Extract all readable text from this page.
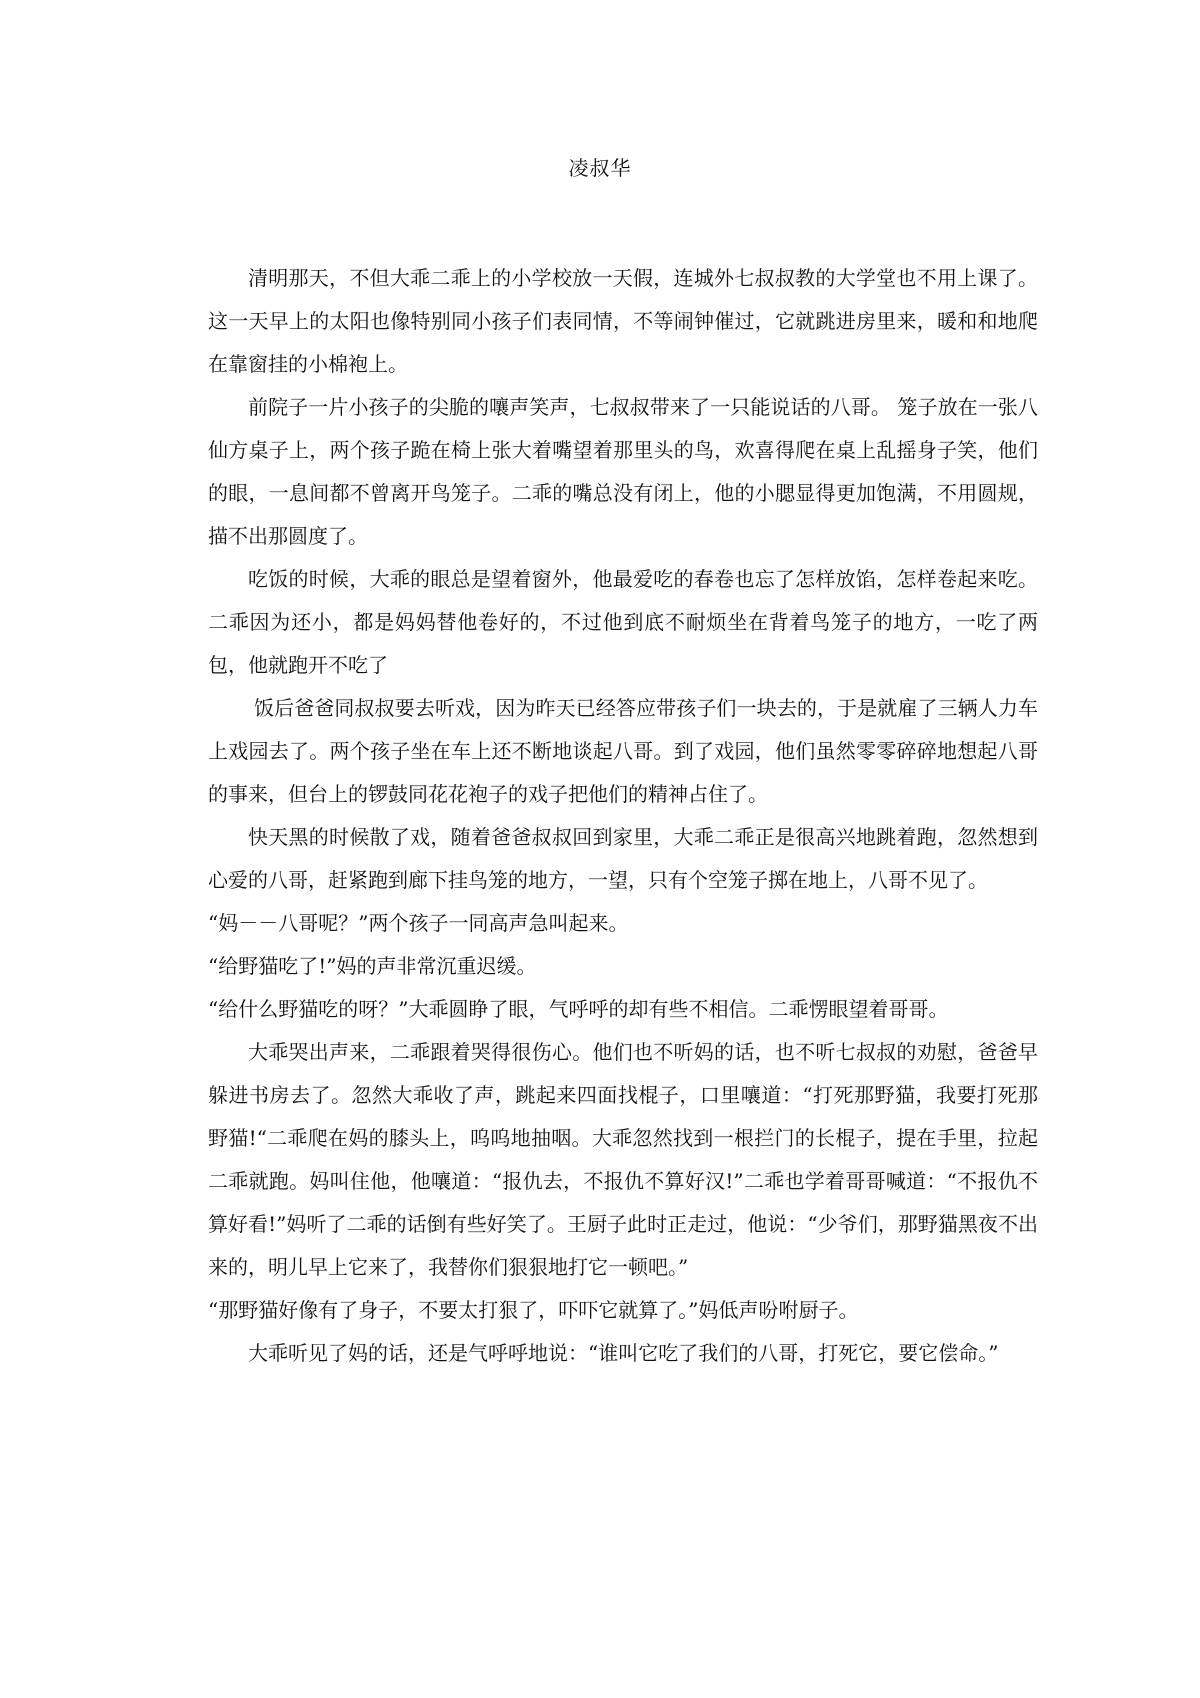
凌叔华

清明那天，不但大乖二乖上的小学校放一天假，连城外七叔叔教的大学堂也不用上课了。这一天早上的太阳也像特别同小孩子们表同情，不等闹钟催过，它就跳进房里来，暖和和地爬在靠窗挂的小棉袍上。

前院子一片小孩子的尖脆的嚷声笑声，七叔叔带来了一只能说话的八哥。 笼子放在一张八仙方桌子上，两个孩子跪在椅上张大着嘴望着那里头的鸟，欢喜得爬在桌上乱摇身子笑，他们的眼，一息间都不曾离开鸟笼子。二乖的嘴总没有闭上，他的小腮显得更加饱满，不用圆规，描不出那圆度了。

吃饭的时候，大乖的眼总是望着窗外，他最爱吃的春卷也忘了怎样放馅，怎样卷起来吃。二乖因为还小，都是妈妈替他卷好的，不过他到底不耐烦坐在背着鸟笼子的地方，一吃了两包，他就跑开不吃了

饭后爸爸同叔叔要去听戏，因为昨天已经答应带孩子们一块去的，于是就雇了三辆人力车上戏园去了。两个孩子坐在车上还不断地谈起八哥。到了戏园，他们虽然零零碎碎地想起八哥的事来，但台上的锣鼓同花花袍子的戏子把他们的精神占住了。

快天黑的时候散了戏，随着爸爸叔叔回到家里，大乖二乖正是很高兴地跳着跑，忽然想到心爱的八哥，赶紧跑到廊下挂鸟笼的地方，一望，只有个空笼子掷在地上，八哥不见了。

“妈－－八哥呢？”两个孩子一同高声急叫起来。

“给野猫吃了!”妈的声非常沉重迟缓。

“给什么野猫吃的呀？”大乖圆睁了眼，气呼呼的却有些不相信。二乖愣眼望着哥哥。

大乖哭出声来，二乖跟着哭得很伤心。他们也不听妈的话，也不听七叔叔的劝慰，爸爸早躲进书房去了。忽然大乖收了声，跳起来四面找棍子，口里嚷道：“打死那野猫，我要打死那野猫!“二乖爬在妈的膝头上，呜呜地抽咽。大乖忽然找到一根拦门的长棍子，提在手里，拉起二乖就跑。妈叫住他，他嚷道：“报仇去，不报仇不算好汉!”二乖也学着哥哥喊道：“不报仇不算好看!”妈听了二乖的话倒有些好笑了。王厨子此时正走过，他说：“少爷们，那野猫黑夜不出来的，明儿早上它来了，我替你们狠狠地打它一顿吧。”

“那野猫好像有了身子，不要太打狠了，吓吓它就算了。”妈低声吩咐厨子。

大乖听见了妈的话，还是气呼呼地说：“谁叫它吃了我们的八哥，打死它，要它偿命。”
